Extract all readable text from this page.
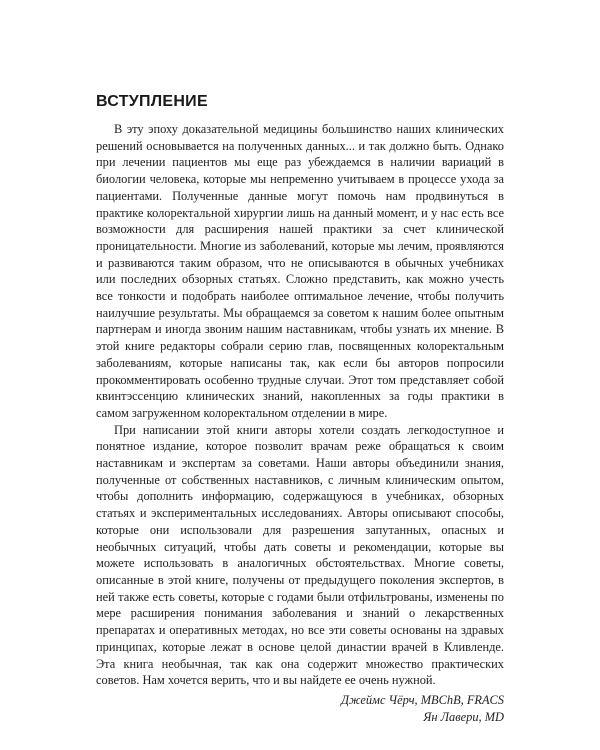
ВСТУПЛЕНИЕ

В эту эпоху доказательной медицины большинство наших клинических решений основывается на полученных данных... и так должно быть. Однако при лечении пациентов мы еще раз убеждаемся в наличии вариаций в биологии человека, которые мы непременно учитываем в процессе ухода за пациентами. Полученные данные могут помочь нам продвинуться в практике колоректальной хирургии лишь на данный момент, и у нас есть все возможности для расширения нашей практики за счет клинической проницательности. Многие из заболеваний, которые мы лечим, проявляются и развиваются таким образом, что не описываются в обычных учебниках или последних обзорных статьях. Сложно представить, как можно учесть все тонкости и подобрать наиболее оптимальное лечение, чтобы получить наилучшие результаты. Мы обращаемся за советом к нашим более опытным партнерам и иногда звоним нашим наставникам, чтобы узнать их мнение. В этой книге редакторы собрали серию глав, посвященных колоректальным заболеваниям, которые написаны так, как если бы авторов попросили прокомментировать особенно трудные случаи. Этот том представляет собой квинтэссенцию клинических знаний, накопленных за годы практики в самом загруженном колоректальном отделении в мире.

При написании этой книги авторы хотели создать легкодоступное и понятное издание, которое позволит врачам реже обращаться к своим наставникам и экспертам за советами. Наши авторы объединили знания, полученные от собственных наставников, с личным клиническим опытом, чтобы дополнить информацию, содержащуюся в учебниках, обзорных статьях и экспериментальных исследованиях. Авторы описывают способы, которые они использовали для разрешения запутанных, опасных и необычных ситуаций, чтобы дать советы и рекомендации, которые вы можете использовать в аналогичных обстоятельствах. Многие советы, описанные в этой книге, получены от предыдущего поколения экспертов, в ней также есть советы, которые с годами были отфильтрованы, изменены по мере расширения понимания заболевания и знаний о лекарственных препаратах и оперативных методах, но все эти советы основаны на здравых принципах, которые лежат в основе целой династии врачей в Кливленде. Эта книга необычная, так как она содержит множество практических советов. Нам хочется верить, что и вы найдете ее очень нужной.

Джеймс Чёрч, MBChB, FRACS

Ян Лавери, MD
